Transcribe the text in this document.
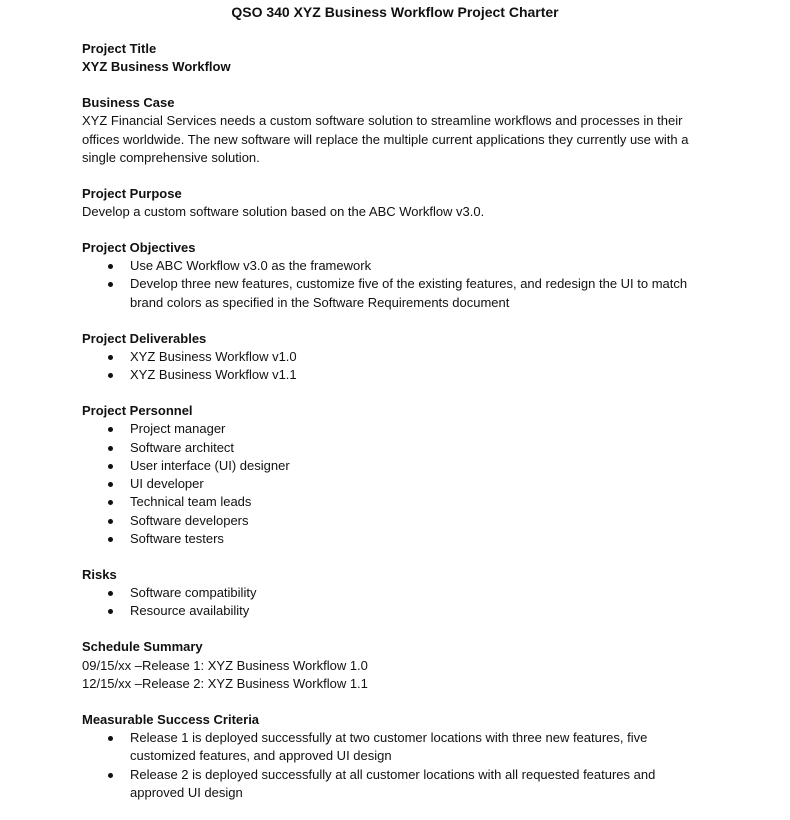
QSO 340 XYZ Business Workflow Project Charter

Project Title

XYZ Business Workflow

Business Case

XYZ Financial Services needs a custom software solution to streamline workflows and processes in their offices worldwide. The new software will replace the multiple current applications they currently use with a single comprehensive solution.

Project Purpose

Develop a custom software solution based on the ABC Workflow v3.0.

Project Objectives

Use ABC Workflow v3.0 as the framework
Develop three new features, customize five of the existing features, and redesign the UI to match brand colors as specified in the Software Requirements document

Project Deliverables

XYZ Business Workflow v1.0
XYZ Business Workflow v1.1

Project Personnel

Project manager
Software architect
User interface (UI) designer
UI developer
Technical team leads
Software developers
Software testers

Risks

Software compatibility
Resource availability

Schedule Summary

09/15/xx –Release 1: XYZ Business Workflow 1.0

12/15/xx –Release 2: XYZ Business Workflow 1.1

Measurable Success Criteria

Release 1 is deployed successfully at two customer locations with three new features, five customized features, and approved UI design
Release 2 is deployed successfully at all customer locations with all requested features and approved UI design
